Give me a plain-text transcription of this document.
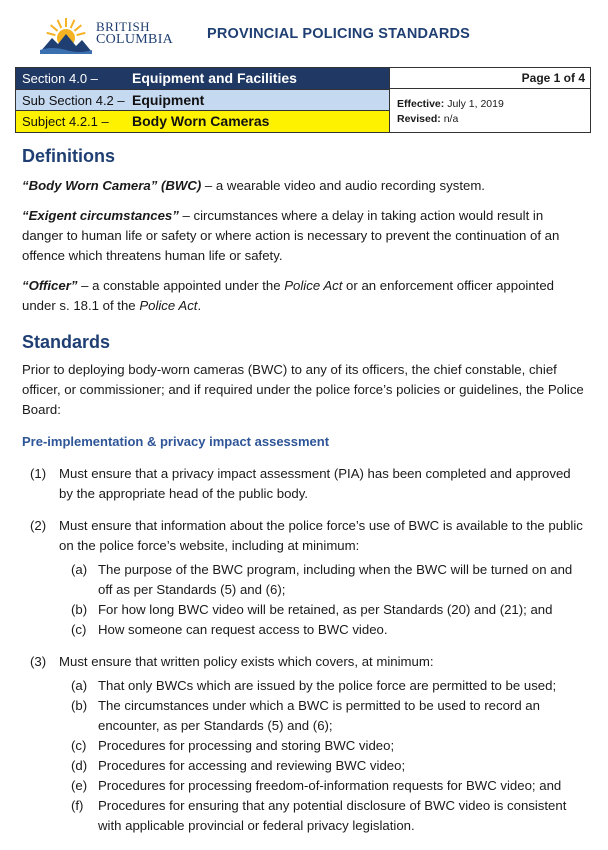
BRITISH
COLUMBIA PROVINCIAL POLICING STANDARDS
Section 4.0 – Equipment and Facilities
Sub Section 4.2 – Equipment
Subject 4.2.1 – Body Worn Cameras
Page 1 of 4
Effective: July 1, 2019
Revised: n/a
Definitions

“Body Worn Camera” (BWC) – a wearable video and audio recording system.

“Exigent circumstances” – circumstances where a delay in taking action would result in danger to human life or safety or where action is necessary to prevent the continuation of an offence which threatens human life or safety.

“Officer” – a constable appointed under the Police Act or an enforcement officer appointed under s. 18.1 of the Police Act.

Standards

Prior to deploying body-worn cameras (BWC) to any of its officers, the chief constable, chief officer, or commissioner; and if required under the police force’s policies or guidelines, the Police Board:

Pre-implementation & privacy impact assessment

(1) Must ensure that a privacy impact assessment (PIA) has been completed and approved by the appropriate head of the public body.
(2) Must ensure that information about the police force’s use of BWC is available to the public on the police force’s website, including at minimum:
(a) The purpose of the BWC program, including when the BWC will be turned on and off as per Standards (5) and (6);
(b) For how long BWC video will be retained, as per Standards (20) and (21); and
(c) How someone can request access to BWC video.
(3) Must ensure that written policy exists which covers, at minimum:
(a) That only BWCs which are issued by the police force are permitted to be used;
(b) The circumstances under which a BWC is permitted to be used to record an encounter, as per Standards (5) and (6);
(c) Procedures for processing and storing BWC video;
(d) Procedures for accessing and reviewing BWC video;
(e) Procedures for processing freedom-of-information requests for BWC video; and
(f) Procedures for ensuring that any potential disclosure of BWC video is consistent with applicable provincial or federal privacy legislation.
